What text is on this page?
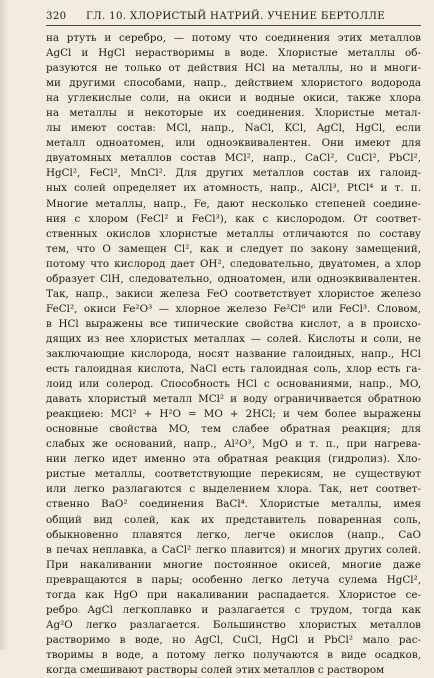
320	ГЛ. 10. ХЛОРИСТЫЙ НАТРИЙ. УЧЕНИЕ БЕРТОЛЛЕ
на ртуть и серебро, — потому что соединения этих металлов
AgCl и HgCl нерастворимы в воде. Хлористые металлы об-
разуются не только от действия HCl на металлы, но и многи-
ми другими способами, напр., действием хлористого водорода
на углекислые соли, на окиси и водные окиси, также хлора
на металлы и некоторые их соединения. Хлористые метал-
лы имеют состав: MCl, напр., NaCl, KCl, AgCl, HgCl, если
металл одноатомен, или одноэквивалентен. Они имеют для
двуатомных металлов состав MCl², напр., CaCl², CuCl², PbCl²,
HgCl², FeCl², MnCl². Для других металлов состав их галоид-
ных солей определяет их атомность, напр., AlCl³, PtCl⁴ и т. п.
Многие металлы, напр., Fe, дают несколько степеней соедине-
ния с хлором (FeCl² и FeCl³), как с кислородом. От соответ-
ственных окислов хлористые металлы отличаются по составу
тем, что O замещен Cl², как и следует по закону замещений,
потому что кислород дает OH², следовательно, двуатомен, а хлор
образует ClH, следовательно, одноатомен, или одноэквивалентен.
Так, напр., закиси железа FeO соответствует хлористое железо
FeCl², окиси Fe²O³ — хлорное железо Fe²Cl⁶ или FeCl³. Словом,
в HCl выражены все типические свойства кислот, а в происхо-
дящих из нее хлористых металлах — солей. Кислоты и соли, не
заключающие кислорода, носят название галоидных, напр., HCl
есть галоидная кислота, NaCl есть галоидная соль, хлор есть га-
лоид или солерод. Способность HCl с основаниями, напр., MO,
давать хлористый металл MCl² и воду ограничивается обратною
реакциею: MCl² + H²O = MO + 2HCl; и чем более выражены
основные свойства MO, тем слабее обратная реакция; для
слабых же оснований, напр., Al²O³, MgO и т. п., при нагрева-
нии легко идет именно эта обратная реакция (гидролиз). Хло-
ристые металлы, соответствующие перекисям, не существуют
или легко разлагаются с выделением хлора. Так, нет соответ-
ственно BaO² соединения BaCl⁴. Хлористые металлы, имея
общий вид солей, как их представитель поваренная соль,
обыкновенно плавятся легко, легче окислов (напр., CaO
в печах неплавка, а CaCl² легко плавится) и многих других солей.
При накаливании многие постоянное окисей, многие даже
превращаются в пары; особенно легко летуча сулема HgCl²,
тогда как HgO при накаливании распадается. Хлористое се-
ребро AgCl легкоплавко и разлагается с трудом, тогда как
Ag²O легко разлагается. Большинство хлористых металлов
растворимо в воде, но AgCl, CuCl, HgCl и PbCl² мало рас-
творимы в воде, а потому легко получаются в виде осадков,
когда смешивают растворы солей этих металлов с раствором
